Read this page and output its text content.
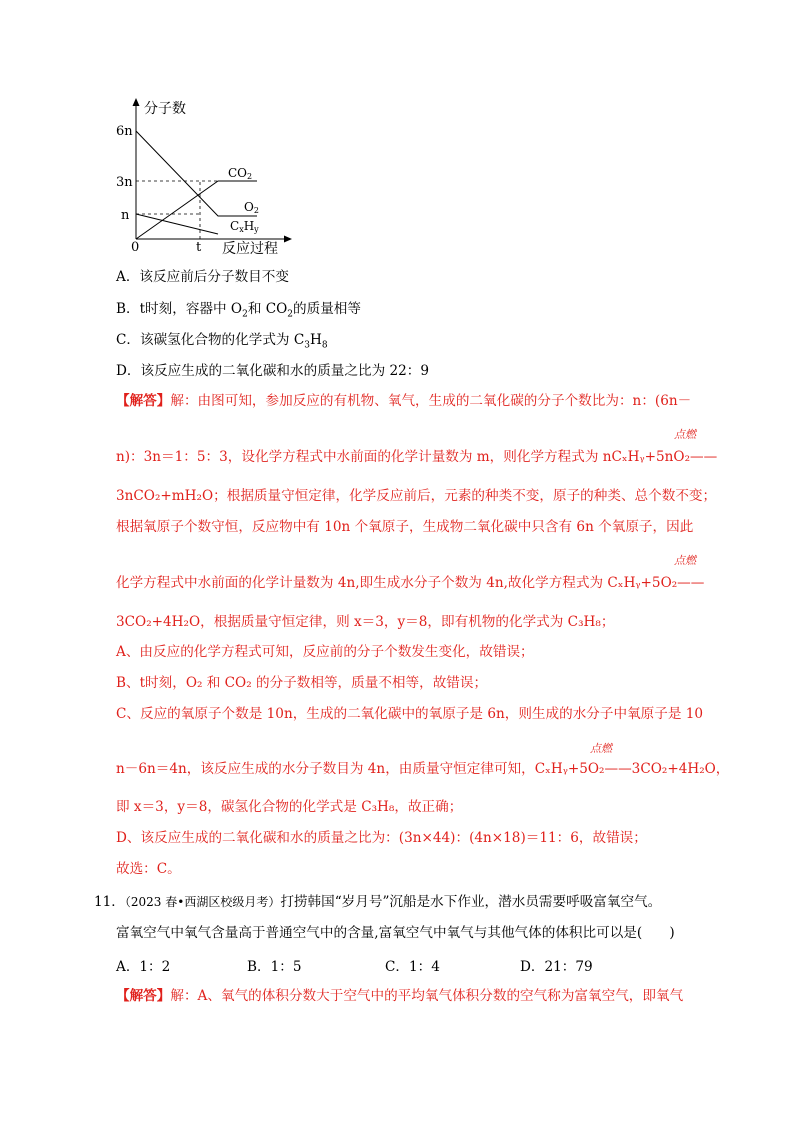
分子数
6n
3n
n
0	t 反应过程
CO2
O2
CxHy
A．该反应前后分子数目不变
B．t时刻，容器中 $O_2$和 $CO_2$的质量相等
C．该碳氢化合物的化学式为 $C_3H_8$
D．该反应生成的二氧化碳和水的质量之比为 22：9
【解答】解：由图可知，参加反应的有机物、氧气，生成的二氧化碳的分子个数比为：n：(6n－
点燃
n)：3n＝1：5：3，设化学方程式中水前面的化学计量数为 m，则化学方程式为 nCₓHᵧ+5nO₂——
3nCO₂+mH₂O；根据质量守恒定律，化学反应前后，元素的种类不变，原子的种类、总个数不变；
根据氧原子个数守恒，反应物中有 10n 个氧原子，生成物二氧化碳中只含有 6n 个氧原子，因此
点燃
化学方程式中水前面的化学计量数为 4n,即生成水分子个数为 4n,故化学方程式为 CₓHᵧ+5O₂——
3CO₂+4H₂O，根据质量守恒定律，则 x＝3，y＝8，即有机物的化学式为 C₃H₈；
A、由反应的化学方程式可知，反应前的分子个数发生变化，故错误；
B、t时刻，O₂ 和 CO₂ 的分子数相等，质量不相等，故错误；
C、反应的氧原子个数是 10n，生成的二氧化碳中的氧原子是 6n，则生成的水分子中氧原子是 10
点燃
n－6n＝4n，该反应生成的水分子数目为 4n，由质量守恒定律可知，CₓHᵧ+5O₂——3CO₂+4H₂O，
即 x＝3，y＝8，碳氢化合物的化学式是 C₃H₈，故正确；
D、该反应生成的二氧化碳和水的质量之比为：(3n×44)：(4n×18)＝11：6，故错误；
故选：C。
11．（2023 春•西湖区校级月考）打捞韩国“岁月号”沉船是水下作业，潜水员需要呼吸富氧空气。
富氧空气中氧气含量高于普通空气中的含量,富氧空气中氧气与其他气体的体积比可以是(　　)
A．1：2	B．1：5	C．1：4	D．21：79
【解答】解：A、氧气的体积分数大于空气中的平均氧气体积分数的空气称为富氧空气，即氧气
